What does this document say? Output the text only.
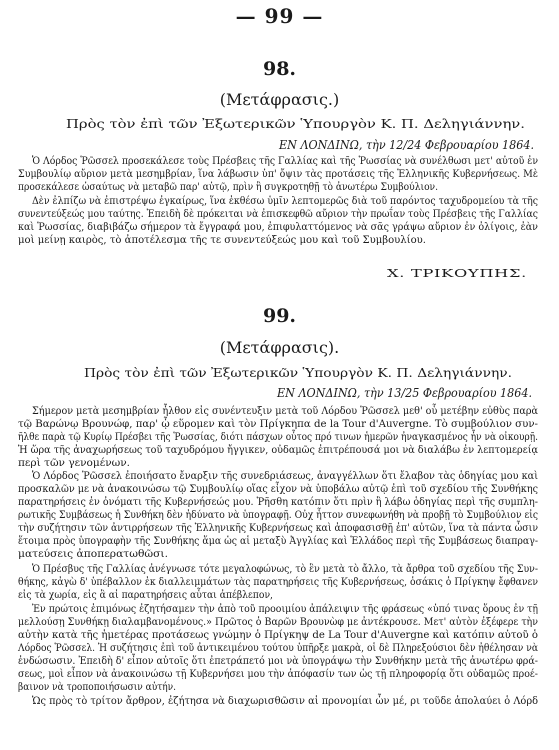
— 99 —
98.
(Μετάφρασις.)
Πρὸς τὸν ἐπὶ τῶν Ἐξωτερικῶν Ὑπουργὸν Κ. Π. Δεληγιάννην.
ΕΝ ΛΟΝΔΙΝΩ, τὴν 12/24 Φεβρουαρίου 1864.
Ὁ Λόρδος Ῥῶσσελ προσεκάλεσε τοὺς Πρέσβεις τῆς Γαλλίας καὶ τῆς Ῥωσσίας νὰ συνέλθωσι μετ' αὐτοῦ ἐν
Συμβουλίῳ αὔριον μετὰ μεσημβρίαν, ἵνα λάβωσιν ὑπ' ὄψιν τὰς προτάσεις τῆς Ἑλληνικῆς Κυβερνήσεως. Μὲ
προσεκάλεσε ὡσαύτως νὰ μεταβῶ παρ' αὐτῷ, πρὶν ἢ συγκροτηθῇ τὸ ἀνωτέρω Συμβούλιον.
Δὲν ἐλπίζω νὰ ἐπιστρέψω ἐγκαίρως, ἵνα ἐκθέσω ὑμῖν λεπτομερῶς διὰ τοῦ παρόντος ταχυδρομείου τὰ τῆς
συνεντεύξεώς μου ταύτης. Ἐπειδὴ δὲ πρόκειται νὰ ἐπισκεφθῶ αὔριον τὴν πρωΐαν τοὺς Πρέσβεις τῆς Γαλλίας
καὶ Ῥωσσίας, διαβιβάζω σήμερον τὰ ἔγγραφά μου, ἐπιφυλαττόμενος νὰ σᾶς γράψω αὔριον ἐν ὀλίγοις, ἐὰν
μοὶ μείνῃ καιρὸς, τὸ ἀποτέλεσμα τῆς τε συνεντεύξεώς μου καὶ τοῦ Συμβουλίου.
Χ. ΤΡΙΚΟΥΠΗΣ.
99.
(Μετάφρασις).
Πρὸς τὸν ἐπὶ τῶν Ἐξωτερικῶν Ὑπουργὸν Κ. Π. Δεληγιάννην.
ΕΝ ΛΟΝΔΙΝΩ, τὴν 13/25 Φεβρουαρίου 1864.
Σήμερον μετὰ μεσημβρίαν ἦλθον εἰς συνέντευξιν μετὰ τοῦ Λόρδου Ῥῶσσελ μεθ' οὗ μετέβην εὐθὺς παρὰ
τῷ Βαρώνῳ Βρουνώφ, παρ' ᾧ εὕρομεν καὶ τὸν Πρίγκηπα de la Tour d'Auvergne. Τὸ συμβούλιον συν-
ῆλθε παρὰ τῷ Κυρίῳ Πρέσβει τῆς Ῥωσσίας, διότι πάσχων οὗτος πρό τινων ἡμερῶν ἠναγκασμένος ἦν νὰ οἰκουρῇ.
Ἡ ὥρα τῆς ἀναχωρήσεως τοῦ ταχυδρόμου ἤγγικεν, οὐδαμῶς ἐπιτρέπουσά μοι νὰ διαλάβω ἐν λεπτομερείᾳ
περὶ τῶν γενομένων.
Ὁ Λόρδος Ῥῶσσελ ἐποιήσατο ἔναρξιν τῆς συνεδριάσεως, ἀναγγέλλων ὅτι ἔλαβον τὰς ὁδηγίας μου καὶ
προσκαλῶν με νὰ ἀνακοινώσω τῷ Συμβουλίῳ οἵας εἶχον νὰ ὑποβάλω αὐτῷ ἐπὶ τοῦ σχεδίου τῆς Συνθήκης
παρατηρήσεις ἐν ὀνόματι τῆς Κυβερνήσεώς μου. Ῥῆσθη κατόπιν ὅτι πρὶν ἢ λάβω ὁδηγίας περὶ τῆς συμπλη-
ρωτικῆς Συμβάσεως ἡ Συνθήκη δὲν ἠδύνατο νὰ ὑπογραφῇ. Οὐχ ἧττον συνεφωνήθη νὰ προβῇ τὸ Συμβούλιον εἰς
τὴν συζήτησιν τῶν ἀντιρρήσεων τῆς Ἑλληνικῆς Κυβερνήσεως καὶ ἀποφασισθῇ ἐπ' αὐτῶν, ἵνα τὰ πάντα ὦσιν
ἕτοιμα πρὸς ὑπογραφὴν τῆς Συνθήκης ἅμα ὡς αἱ μεταξὺ Ἀγγλίας καὶ Ἑλλάδος περὶ τῆς Συμβάσεως διαπραγ-
ματεύσεις ἀποπερατωθῶσι.
Ὁ Πρέσβυς τῆς Γαλλίας ἀνέγνωσε τότε μεγαλοφώνως, τὸ ἓν μετὰ τὸ ἄλλο, τὰ ἄρθρα τοῦ σχεδίου τῆς Συν-
θήκης, κἀγὼ δ' ὑπέβαλλον ἐκ διαλλειμμάτων τὰς παρατηρήσεις τῆς Κυβερνήσεως, ὁσάκις ὁ Πρίγκηψ ἔφθανεν
εἰς τὰ χωρία, εἰς ἃ αἱ παρατηρήσεις αὗται ἀπέβλεπον,
Ἐν πρώτοις ἐπιμόνως ἐζητήσαμεν τὴν ἀπὸ τοῦ προοιμίου ἀπάλειψιν τῆς φράσεως «ὑπό τινας ὅρους ἐν τῇ
μελλούσῃ Συνθήκῃ διαλαμβανομένους.» Πρῶτος ὁ Βαρῶν Βρουνὼφ με ἀντέκρουσε. Μετ' αὐτὸν ἐξέφερε τὴν
αὐτὴν κατὰ τῆς ἡμετέρας προτάσεως γνώμην ὁ Πρίγκηψ de La Tour d'Auvergne καὶ κατόπιν αὐτοῦ ὁ
Λόρδος Ῥῶσσελ. Ἡ συζήτησις ἐπὶ τοῦ ἀντικειμένου τούτου ὑπῆρξε μακρὰ, οἱ δὲ Πληρεξούσιοι δὲν ἠθέλησαν νὰ
ἐνδώσωσιν. Ἐπειδὴ δ' εἶπον αὐτοῖς ὅτι ἐπετράπετό μοι νὰ ὑπογράψω τὴν Συνθήκην μετὰ τῆς ἀνωτέρω φρά-
σεως, μοὶ εἶπον νὰ ἀνακοινώσω τῇ Κυβερνήσει μου τὴν ἀπόφασίν των ὡς τῇ πληροφορίᾳ ὅτι οὐδαμῶς προέ-
βαινον νὰ τροποποιήσωσιν αὐτήν.
Ὡς πρὸς τὸ τρίτον ἄρθρον, ἐζήτησα νὰ διαχωρισθῶσιν αἱ προνομίαι ὧν μέ, ρι τοῦδε ἀπολαύει ὁ Λόρδ
